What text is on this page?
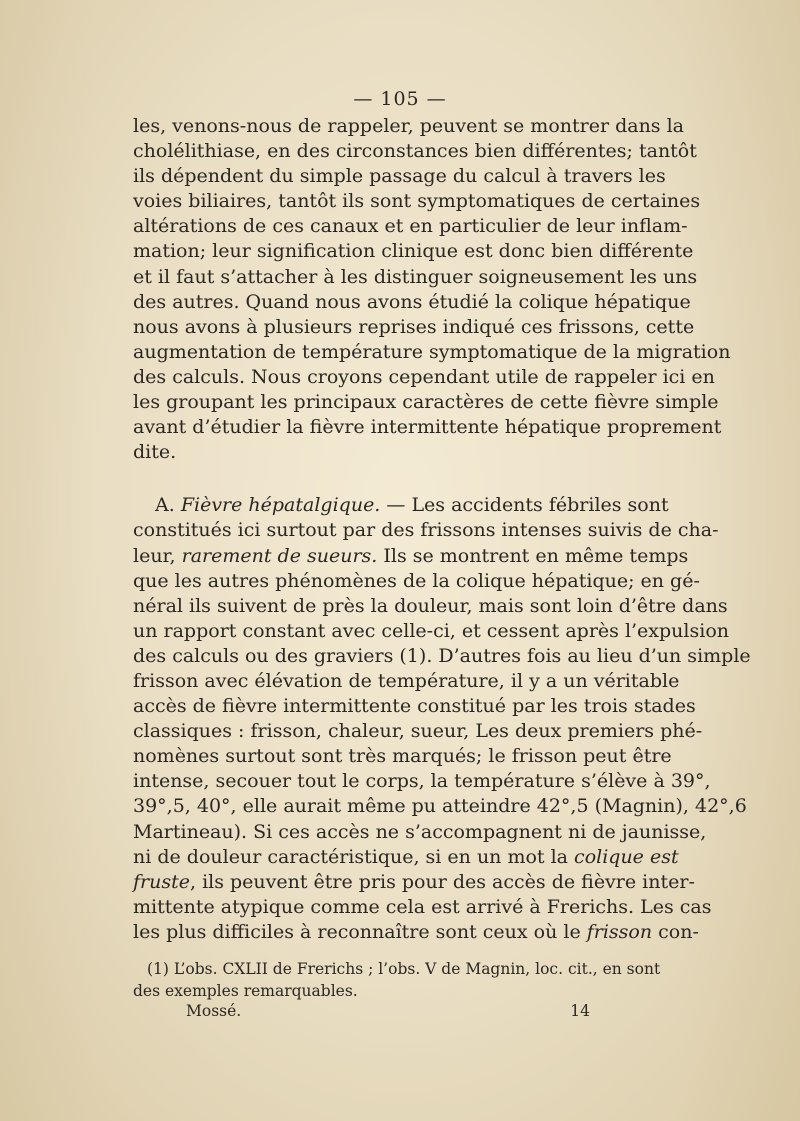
— 105 —
les, venons-nous de rappeler, peuvent se montrer dans la
cholélithiase, en des circonstances bien différentes; tantôt
ils dépendent du simple passage du calcul à travers les
voies biliaires, tantôt ils sont symptomatiques de certaines
altérations de ces canaux et en particulier de leur inflam-
mation; leur signification clinique est donc bien différente
et il faut s’attacher à les distinguer soigneusement les uns
des autres. Quand nous avons étudié la colique hépatique
nous avons à plusieurs reprises indiqué ces frissons, cette
augmentation de température symptomatique de la migration
des calculs. Nous croyons cependant utile de rappeler ici en
les groupant les principaux caractères de cette fièvre simple
avant d’étudier la fièvre intermittente hépatique proprement
dite.
A. Fièvre hépatalgique. — Les accidents fébriles sont
constitués ici surtout par des frissons intenses suivis de cha-
leur, rarement de sueurs. Ils se montrent en même temps
que les autres phénomènes de la colique hépatique; en gé-
néral ils suivent de près la douleur, mais sont loin d’être dans
un rapport constant avec celle-ci, et cessent après l’expulsion
des calculs ou des graviers (1). D’autres fois au lieu d’un simple
frisson avec élévation de température, il y a un véritable
accès de fièvre intermittente constitué par les trois stades
classiques : frisson, chaleur, sueur, Les deux premiers phé-
nomènes surtout sont très marqués; le frisson peut être
intense, secouer tout le corps, la température s’élève à 39°,
39°,5, 40°, elle aurait même pu atteindre 42°,5 (Magnin), 42°,6
Martineau). Si ces accès ne s’accompagnent ni de jaunisse,
ni de douleur caractéristique, si en un mot la colique est
fruste, ils peuvent être pris pour des accès de fièvre inter-
mittente atypique comme cela est arrivé à Frerichs. Les cas
les plus difficiles à reconnaître sont ceux où le frisson con-
(1) L’obs. CXLII de Frerichs ; l’obs. V de Magnin, loc. cit., en sont
des exemples remarquables.
Mossé.	14
